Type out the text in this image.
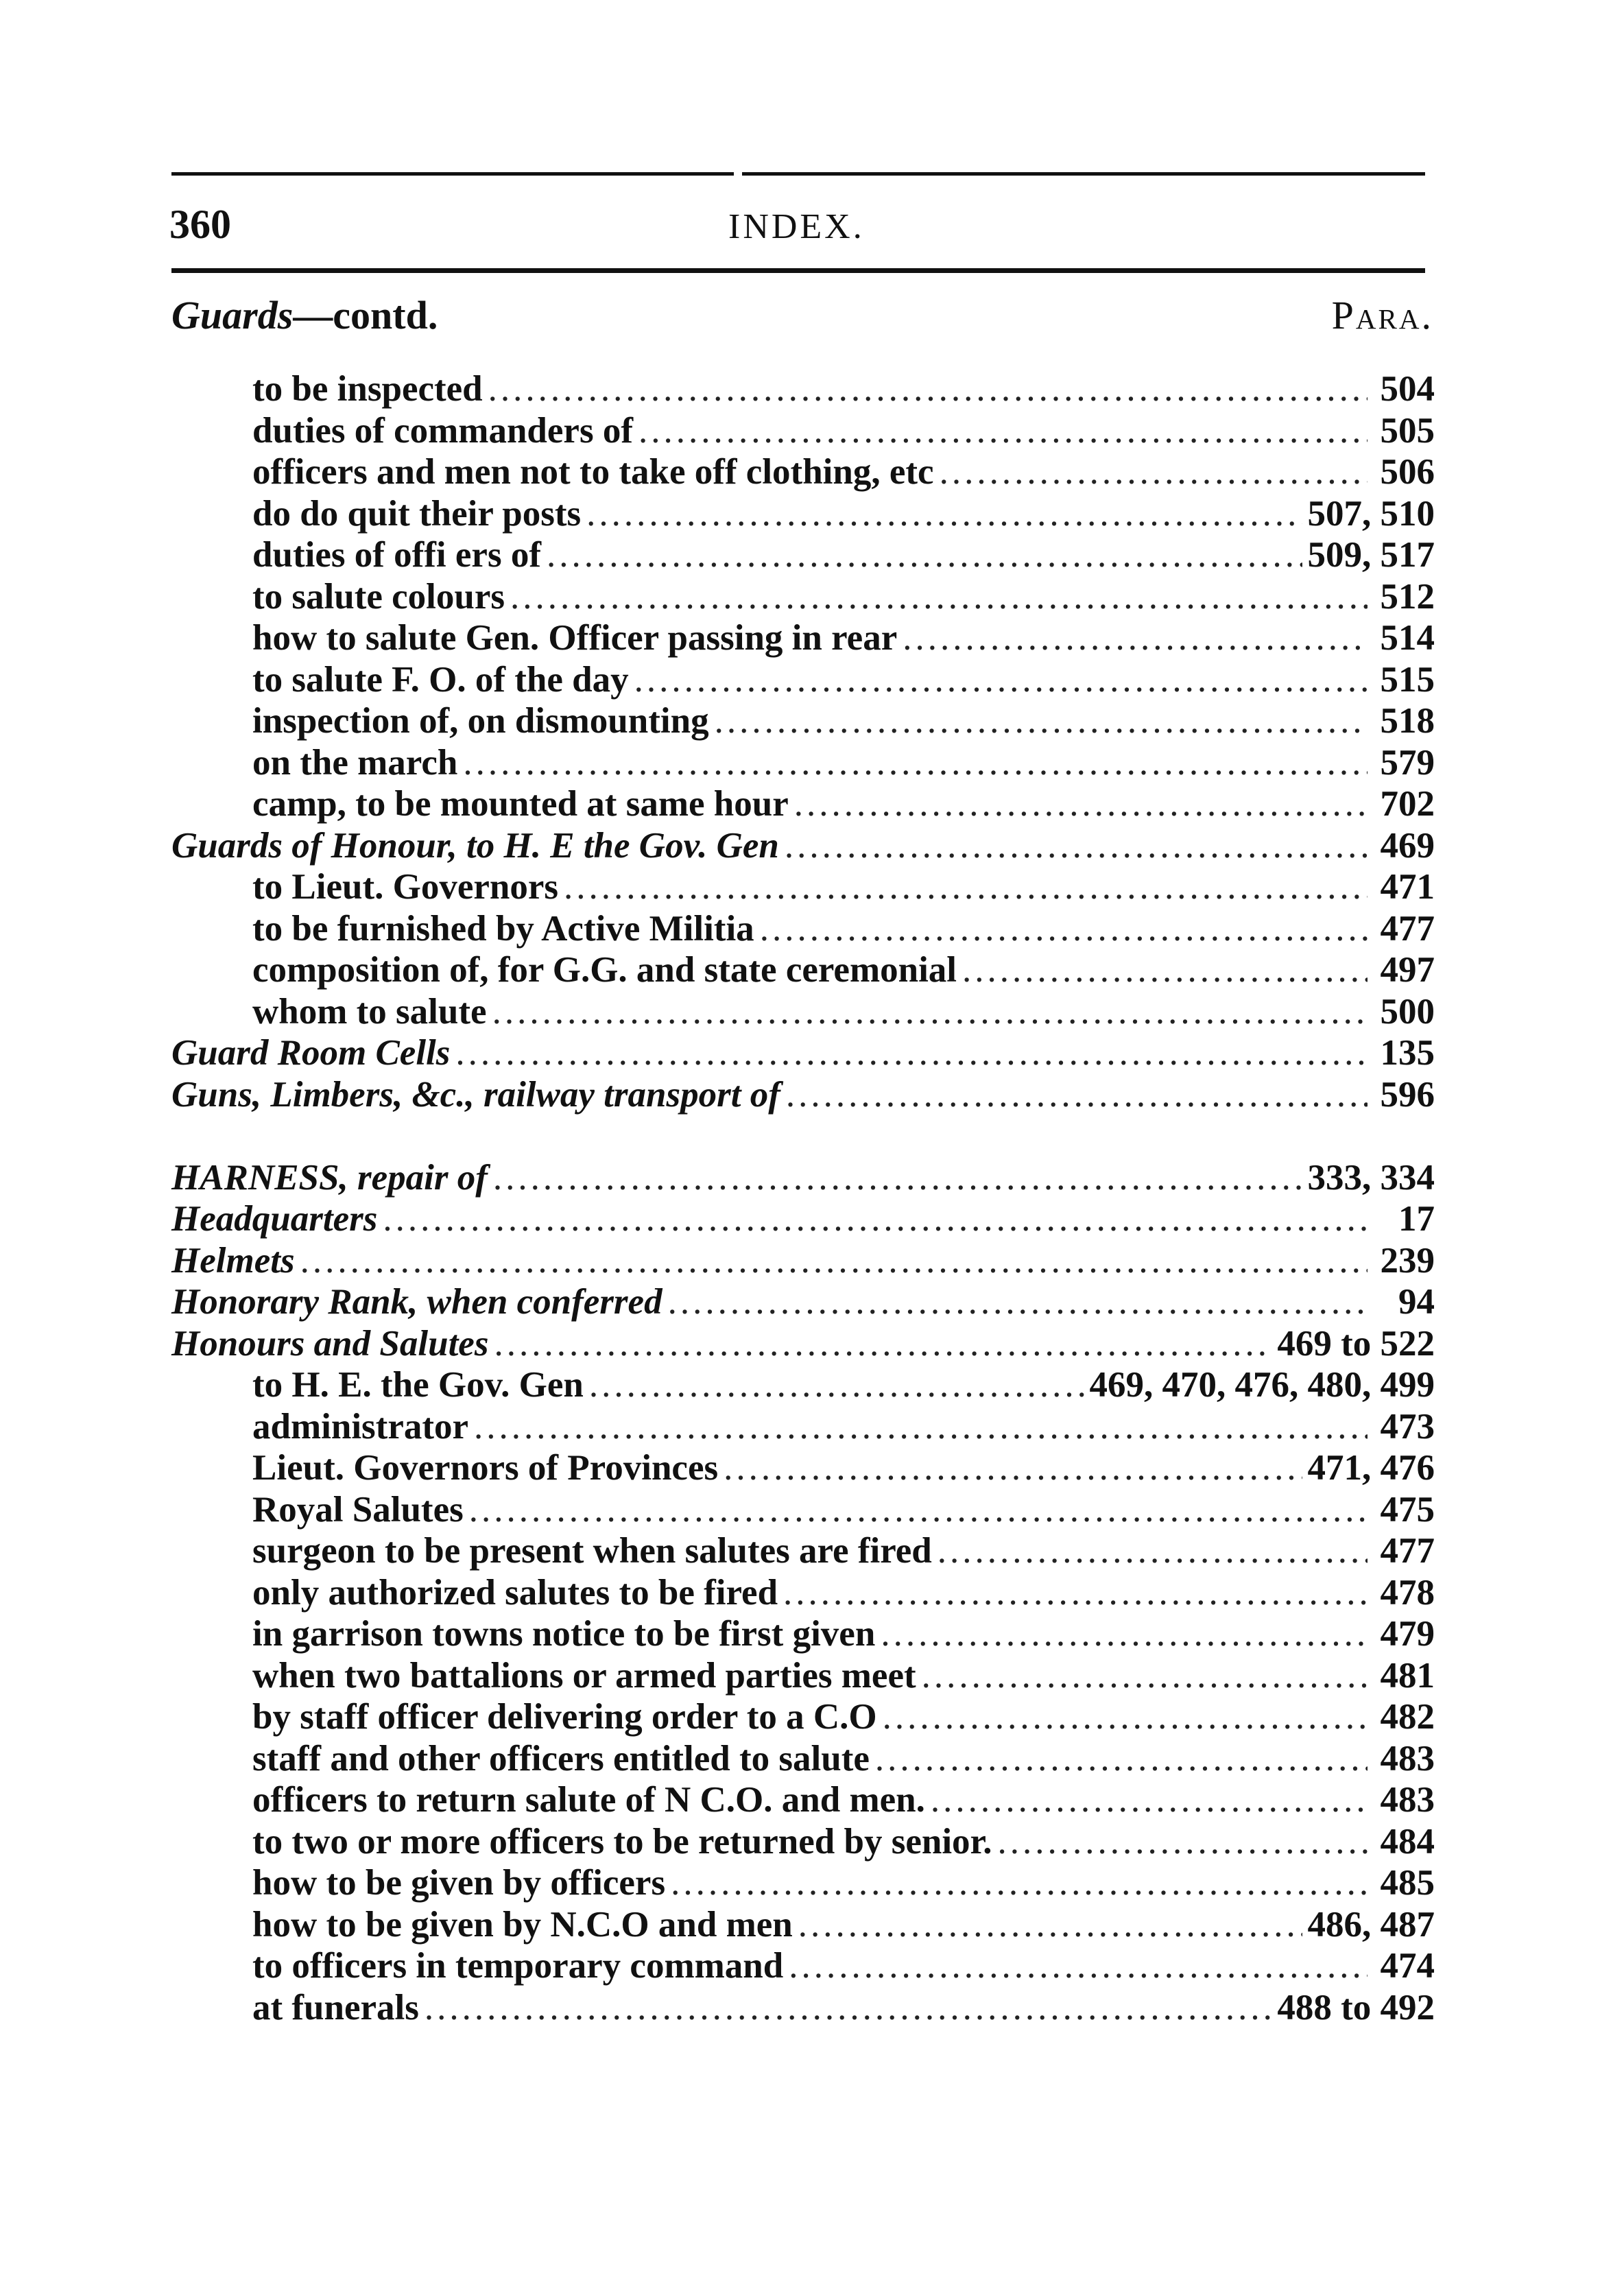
360	INDEX.
Guards—contd.	Para.
to be inspected .....	504
duties of commanders of .....	505
officers and men not to take off clothing, etc .....	506
do do quit their posts .....	507, 510
duties of offi ers of .....	509, 517
to salute colours .....	512
how to salute Gen. Officer passing in rear .....	514
to salute F. O. of the day .....	515
inspection of, on dismounting .....	518
on the march .....	579
camp, to be mounted at same hour .....	702
Guards of Honour, to H. E the Gov. Gen .....	469
to Lieut. Governors .....	471
to be furnished by Active Militia .....	477
composition of, for G.G. and state ceremonial .....	497
whom to salute .....	500
Guard Room Cells .....	135
Guns, Limbers, &c., railway transport of .....	596
HARNESS, repair of .....	333, 334
Headquarters .....	17
Helmets .....	239
Honorary Rank, when conferred .....	94
Honours and Salutes .....	469 to 522
to H. E. the Gov. Gen .....	469, 470, 476, 480, 499
administrator .....	473
Lieut. Governors of Provinces .....	471, 476
Royal Salutes .....	475
surgeon to be present when salutes are fired .....	477
only authorized salutes to be fired .....	478
in garrison towns notice to be first given .....	479
when two battalions or armed parties meet .....	481
by staff officer delivering order to a C.O .....	482
staff and other officers entitled to salute .....	483
officers to return salute of N C.O. and men. .....	483
to two or more officers to be returned by senior. .....	484
how to be given by officers .....	485
how to be given by N.C.O and men .....	486, 487
to officers in temporary command .....	474
at funerals .....	488 to 492
